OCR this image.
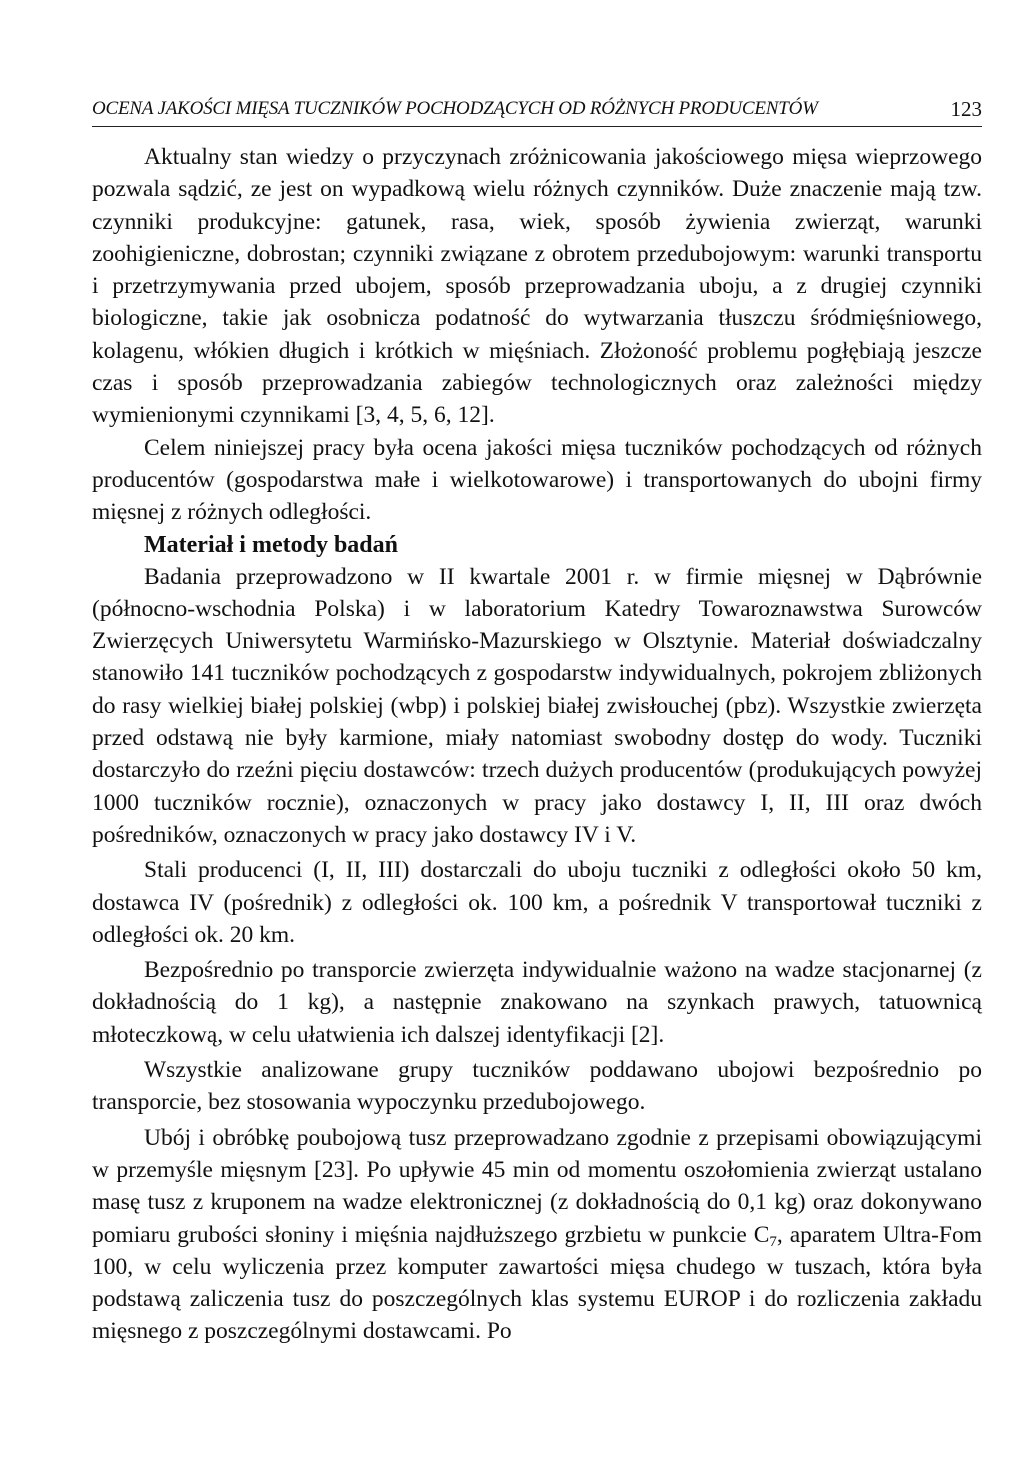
OCENA JAKOŚCI MIĘSA TUCZNIKÓW POCHODZĄCYCH OD RÓŻNYCH PRODUCENTÓW	123

Aktualny stan wiedzy o przyczynach zróżnicowania jakościowego mięsa wieprzowego pozwala sądzić, ze jest on wypadkową wielu różnych czynników. Duże znaczenie mają tzw. czynniki produkcyjne: gatunek, rasa, wiek, sposób żywienia zwierząt, warunki zoohigieniczne, dobrostan; czynniki związane z obrotem przedubojowym: warunki transportu i przetrzymywania przed ubojem, sposób przeprowadzania uboju, a z drugiej czynniki biologiczne, takie jak osobnicza podatność do wytwarzania tłuszczu śródmięśniowego, kolagenu, włókien długich i krótkich w mięśniach. Złożoność problemu pogłębiają jeszcze czas i sposób przeprowadzania zabiegów technologicznych oraz zależności między wymienionymi czynnikami [3, 4, 5, 6, 12].

Celem niniejszej pracy była ocena jakości mięsa tuczników pochodzących od różnych producentów (gospodarstwa małe i wielkotowarowe) i transportowanych do ubojni firmy mięsnej z różnych odległości.

Materiał i metody badań

Badania przeprowadzono w II kwartale 2001 r. w firmie mięsnej w Dąbrównie (północno-wschodnia Polska) i w laboratorium Katedry Towaroznawstwa Surowców Zwierzęcych Uniwersytetu Warmińsko-Mazurskiego w Olsztynie. Materiał doświadczalny stanowiło 141 tuczników pochodzących z gospodarstw indywidualnych, pokrojem zbliżonych do rasy wielkiej białej polskiej (wbp) i polskiej białej zwisłouchej (pbz). Wszystkie zwierzęta przed odstawą nie były karmione, miały natomiast swobodny dostęp do wody. Tuczniki dostarczyło do rzeźni pięciu dostawców: trzech dużych producentów (produkujących powyżej 1000 tuczników rocznie), oznaczonych w pracy jako dostawcy I, II, III oraz dwóch pośredników, oznaczonych w pracy jako dostawcy IV i V.

Stali producenci (I, II, III) dostarczali do uboju tuczniki z odległości około 50 km, dostawca IV (pośrednik) z odległości ok. 100 km, a pośrednik V transportował tuczniki z odległości ok. 20 km.

Bezpośrednio po transporcie zwierzęta indywidualnie ważono na wadze stacjonarnej (z dokładnością do 1 kg), a następnie znakowano na szynkach prawych, tatuownicą młoteczkową, w celu ułatwienia ich dalszej identyfikacji [2].

Wszystkie analizowane grupy tuczników poddawano ubojowi bezpośrednio po transporcie, bez stosowania wypoczynku przedubojowego.

Ubój i obróbkę poubojową tusz przeprowadzano zgodnie z przepisami obowiązującymi w przemyśle mięsnym [23]. Po upływie 45 min od momentu oszołomienia zwierząt ustalano masę tusz z kruponem na wadze elektronicznej (z dokładnością do 0,1 kg) oraz dokonywano pomiaru grubości słoniny i mięśnia najdłuższego grzbietu w punkcie $C_7$, aparatem Ultra-Fom 100, w celu wyliczenia przez komputer zawartości mięsa chudego w tuszach, która była podstawą zaliczenia tusz do poszczególnych klas systemu EUROP i do rozliczenia zakładu mięsnego z poszczególnymi dostawcami. Po
